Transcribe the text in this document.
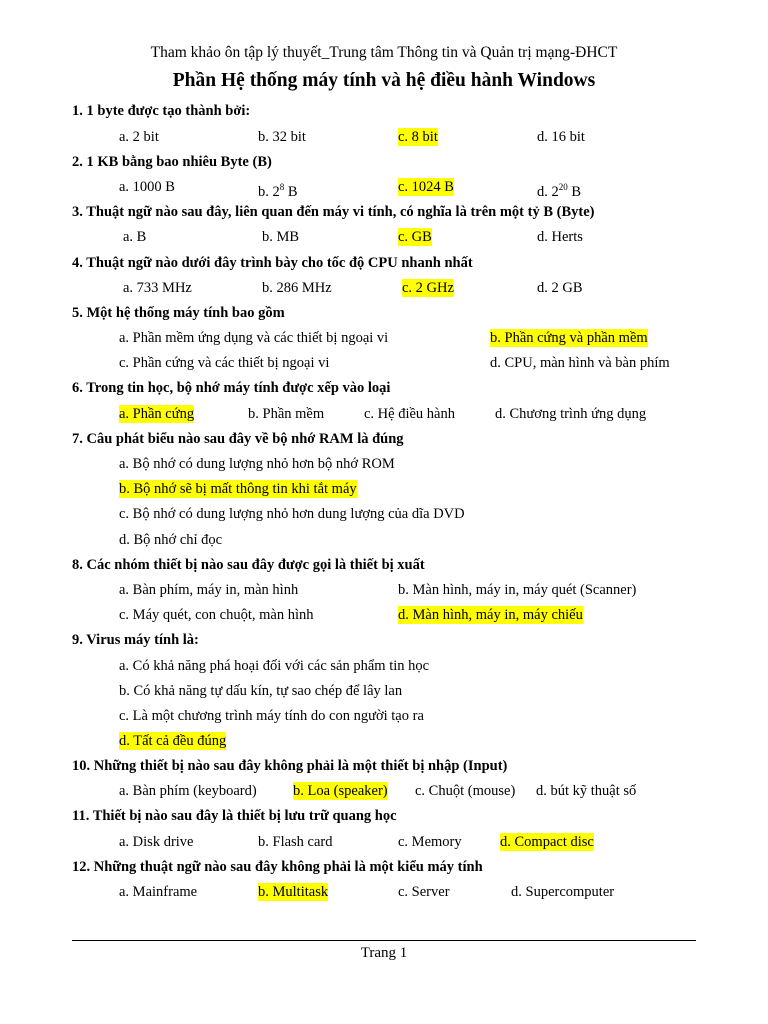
Tham khảo ôn tập lý thuyết_Trung tâm Thông tin và Quản trị mạng-ĐHCT
Phần Hệ thống máy tính và hệ điều hành Windows
1. 1 byte được tạo thành bởi:
a. 2 bit	b. 32 bit	c. 8 bit	d. 16 bit
2. 1 KB bằng bao nhiêu Byte (B)
a. 1000 B	b. $2^8$ B	c. 1024 B	d. $2^{20}$ B
3. Thuật ngữ nào sau đây, liên quan đến máy vi tính, có nghĩa là trên một tỷ B (Byte)
a. B	b. MB	c. GB	d. Herts
4. Thuật ngữ nào dưới đây trình bày cho tốc độ CPU nhanh nhất
a. 733 MHz	b. 286 MHz	c. 2 GHz	d. 2 GB
5. Một hệ thống máy tính bao gồm
a. Phần mềm ứng dụng và các thiết bị ngoại vi	b. Phần cứng và phần mềm
c. Phần cứng và các thiết bị ngoại vi	d. CPU, màn hình và bàn phím
6. Trong tin học, bộ nhớ máy tính được xếp vào loại
a. Phần cứng	b. Phần mềm	c. Hệ điều hành	d. Chương trình ứng dụng
7. Câu phát biểu nào sau đây về bộ nhớ RAM là đúng
a. Bộ nhớ có dung lượng nhỏ hơn bộ nhớ ROM
b. Bộ nhớ sẽ bị mất thông tin khi tắt máy
c. Bộ nhớ có dung lượng nhỏ hơn dung lượng của dĩa DVD
d. Bộ nhớ chỉ đọc
8. Các nhóm thiết bị nào sau đây được gọi là thiết bị xuất
a. Bàn phím, máy in, màn hình	b. Màn hình, máy in, máy quét (Scanner)
c. Máy quét, con chuột, màn hình	d. Màn hình, máy in, máy chiếu
9. Virus máy tính là:
a. Có khả năng phá hoại đối với các sản phẩm tin học
b. Có khả năng tự dấu kín, tự sao chép để lây lan
c. Là một chương trình máy tính do con người tạo ra
d. Tất cả đều đúng
10. Những thiết bị nào sau đây không phải là một thiết bị nhập (Input)
a. Bàn phím (keyboard)	b. Loa (speaker) c. Chuột (mouse) d. bút kỹ thuật số
11. Thiết bị nào sau đây là thiết bị lưu trữ quang học
a. Disk drive	b. Flash card	c. Memory	d. Compact disc
12. Những thuật ngữ nào sau đây không phải là một kiểu máy tính
a. Mainframe	b. Multitask	c. Server	d. Supercomputer
Trang 1
